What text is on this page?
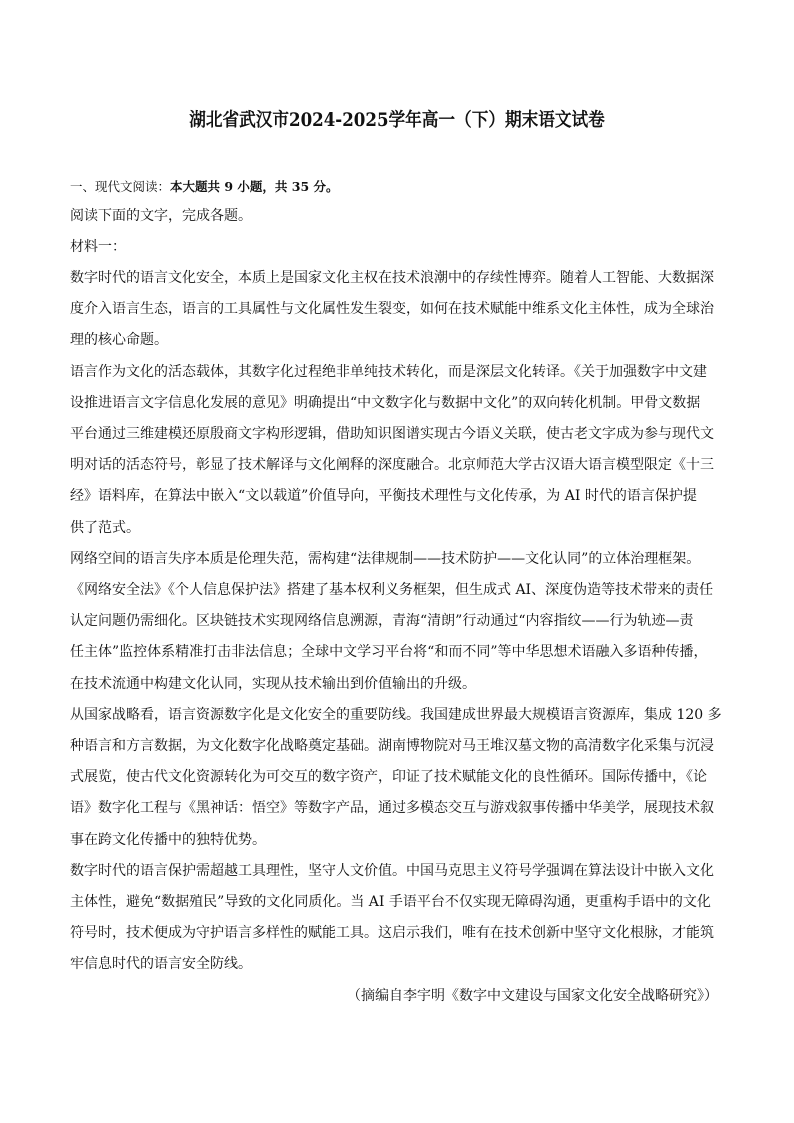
湖北省武汉市2024-2025学年高一（下）期末语文试卷
一、现代文阅读：本大题共 9 小题，共 35 分。
阅读下面的文字，完成各题。
材料一：
数字时代的语言文化安全，本质上是国家文化主权在技术浪潮中的存续性博弈。随着人工智能、大数据深
度介入语言生态，语言的工具属性与文化属性发生裂变，如何在技术赋能中维系文化主体性，成为全球治
理的核心命题。
语言作为文化的活态载体，其数字化过程绝非单纯技术转化，而是深层文化转译。《关于加强数字中文建
设推进语言文字信息化发展的意见》明确提出“中文数字化与数据中文化”的双向转化机制。甲骨文数据
平台通过三维建模还原殷商文字构形逻辑，借助知识图谱实现古今语义关联，使古老文字成为参与现代文
明对话的活态符号，彰显了技术解译与文化阐释的深度融合。北京师范大学古汉语大语言模型限定《十三
经》语料库，在算法中嵌入“文以载道”价值导向，平衡技术理性与文化传承，为 AI 时代的语言保护提
供了范式。
网络空间的语言失序本质是伦理失范，需构建“法律规制——技术防护——文化认同”的立体治理框架。
《网络安全法》《个人信息保护法》搭建了基本权利义务框架，但生成式 AI、深度伪造等技术带来的责任
认定问题仍需细化。区块链技术实现网络信息溯源，青海“清朗”行动通过“内容指纹——行为轨迹—责
任主体”监控体系精准打击非法信息；全球中文学习平台将“和而不同”等中华思想术语融入多语种传播，
在技术流通中构建文化认同，实现从技术输出到价值输出的升级。
从国家战略看，语言资源数字化是文化安全的重要防线。我国建成世界最大规模语言资源库，集成 120 多
种语言和方言数据，为文化数字化战略奠定基础。湖南博物院对马王堆汉墓文物的高清数字化采集与沉浸
式展览，使古代文化资源转化为可交互的数字资产，印证了技术赋能文化的良性循环。国际传播中，《论
语》数字化工程与《黑神话：悟空》等数字产品，通过多模态交互与游戏叙事传播中华美学，展现技术叙
事在跨文化传播中的独特优势。
数字时代的语言保护需超越工具理性，坚守人文价值。中国马克思主义符号学强调在算法设计中嵌入文化
主体性，避免“数据殖民”导致的文化同质化。当 AI 手语平台不仅实现无障碍沟通，更重构手语中的文化
符号时，技术便成为守护语言多样性的赋能工具。这启示我们，唯有在技术创新中坚守文化根脉，才能筑
牢信息时代的语言安全防线。
（摘编自李宇明《数字中文建设与国家文化安全战略研究》）
